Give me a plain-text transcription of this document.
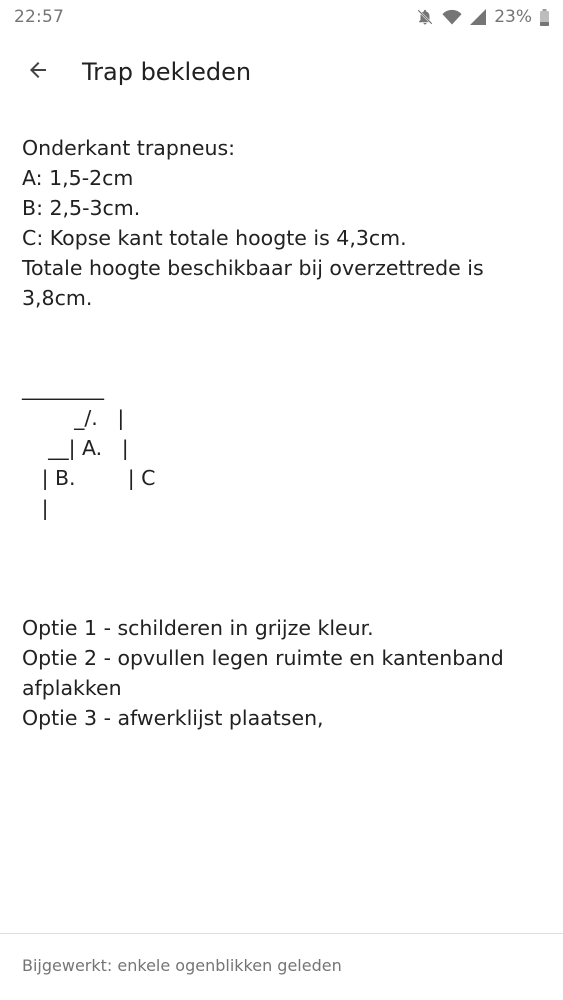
22:57	23%
Trap bekleden
Onderkant trapneus:
A: 1,5-2cm
B: 2,5-3cm.
C: Kopse kant totale hoogte is 4,3cm.
Totale hoogte beschikbaar bij overzettrede is
3,8cm.
________
_/.   |
__| A.   |
| B.        | C
|
Optie 1 - schilderen in grijze kleur.
Optie 2 - opvullen legen ruimte en kantenband
afplakken
Optie 3 - afwerklijst plaatsen,
Bijgewerkt: enkele ogenblikken geleden
